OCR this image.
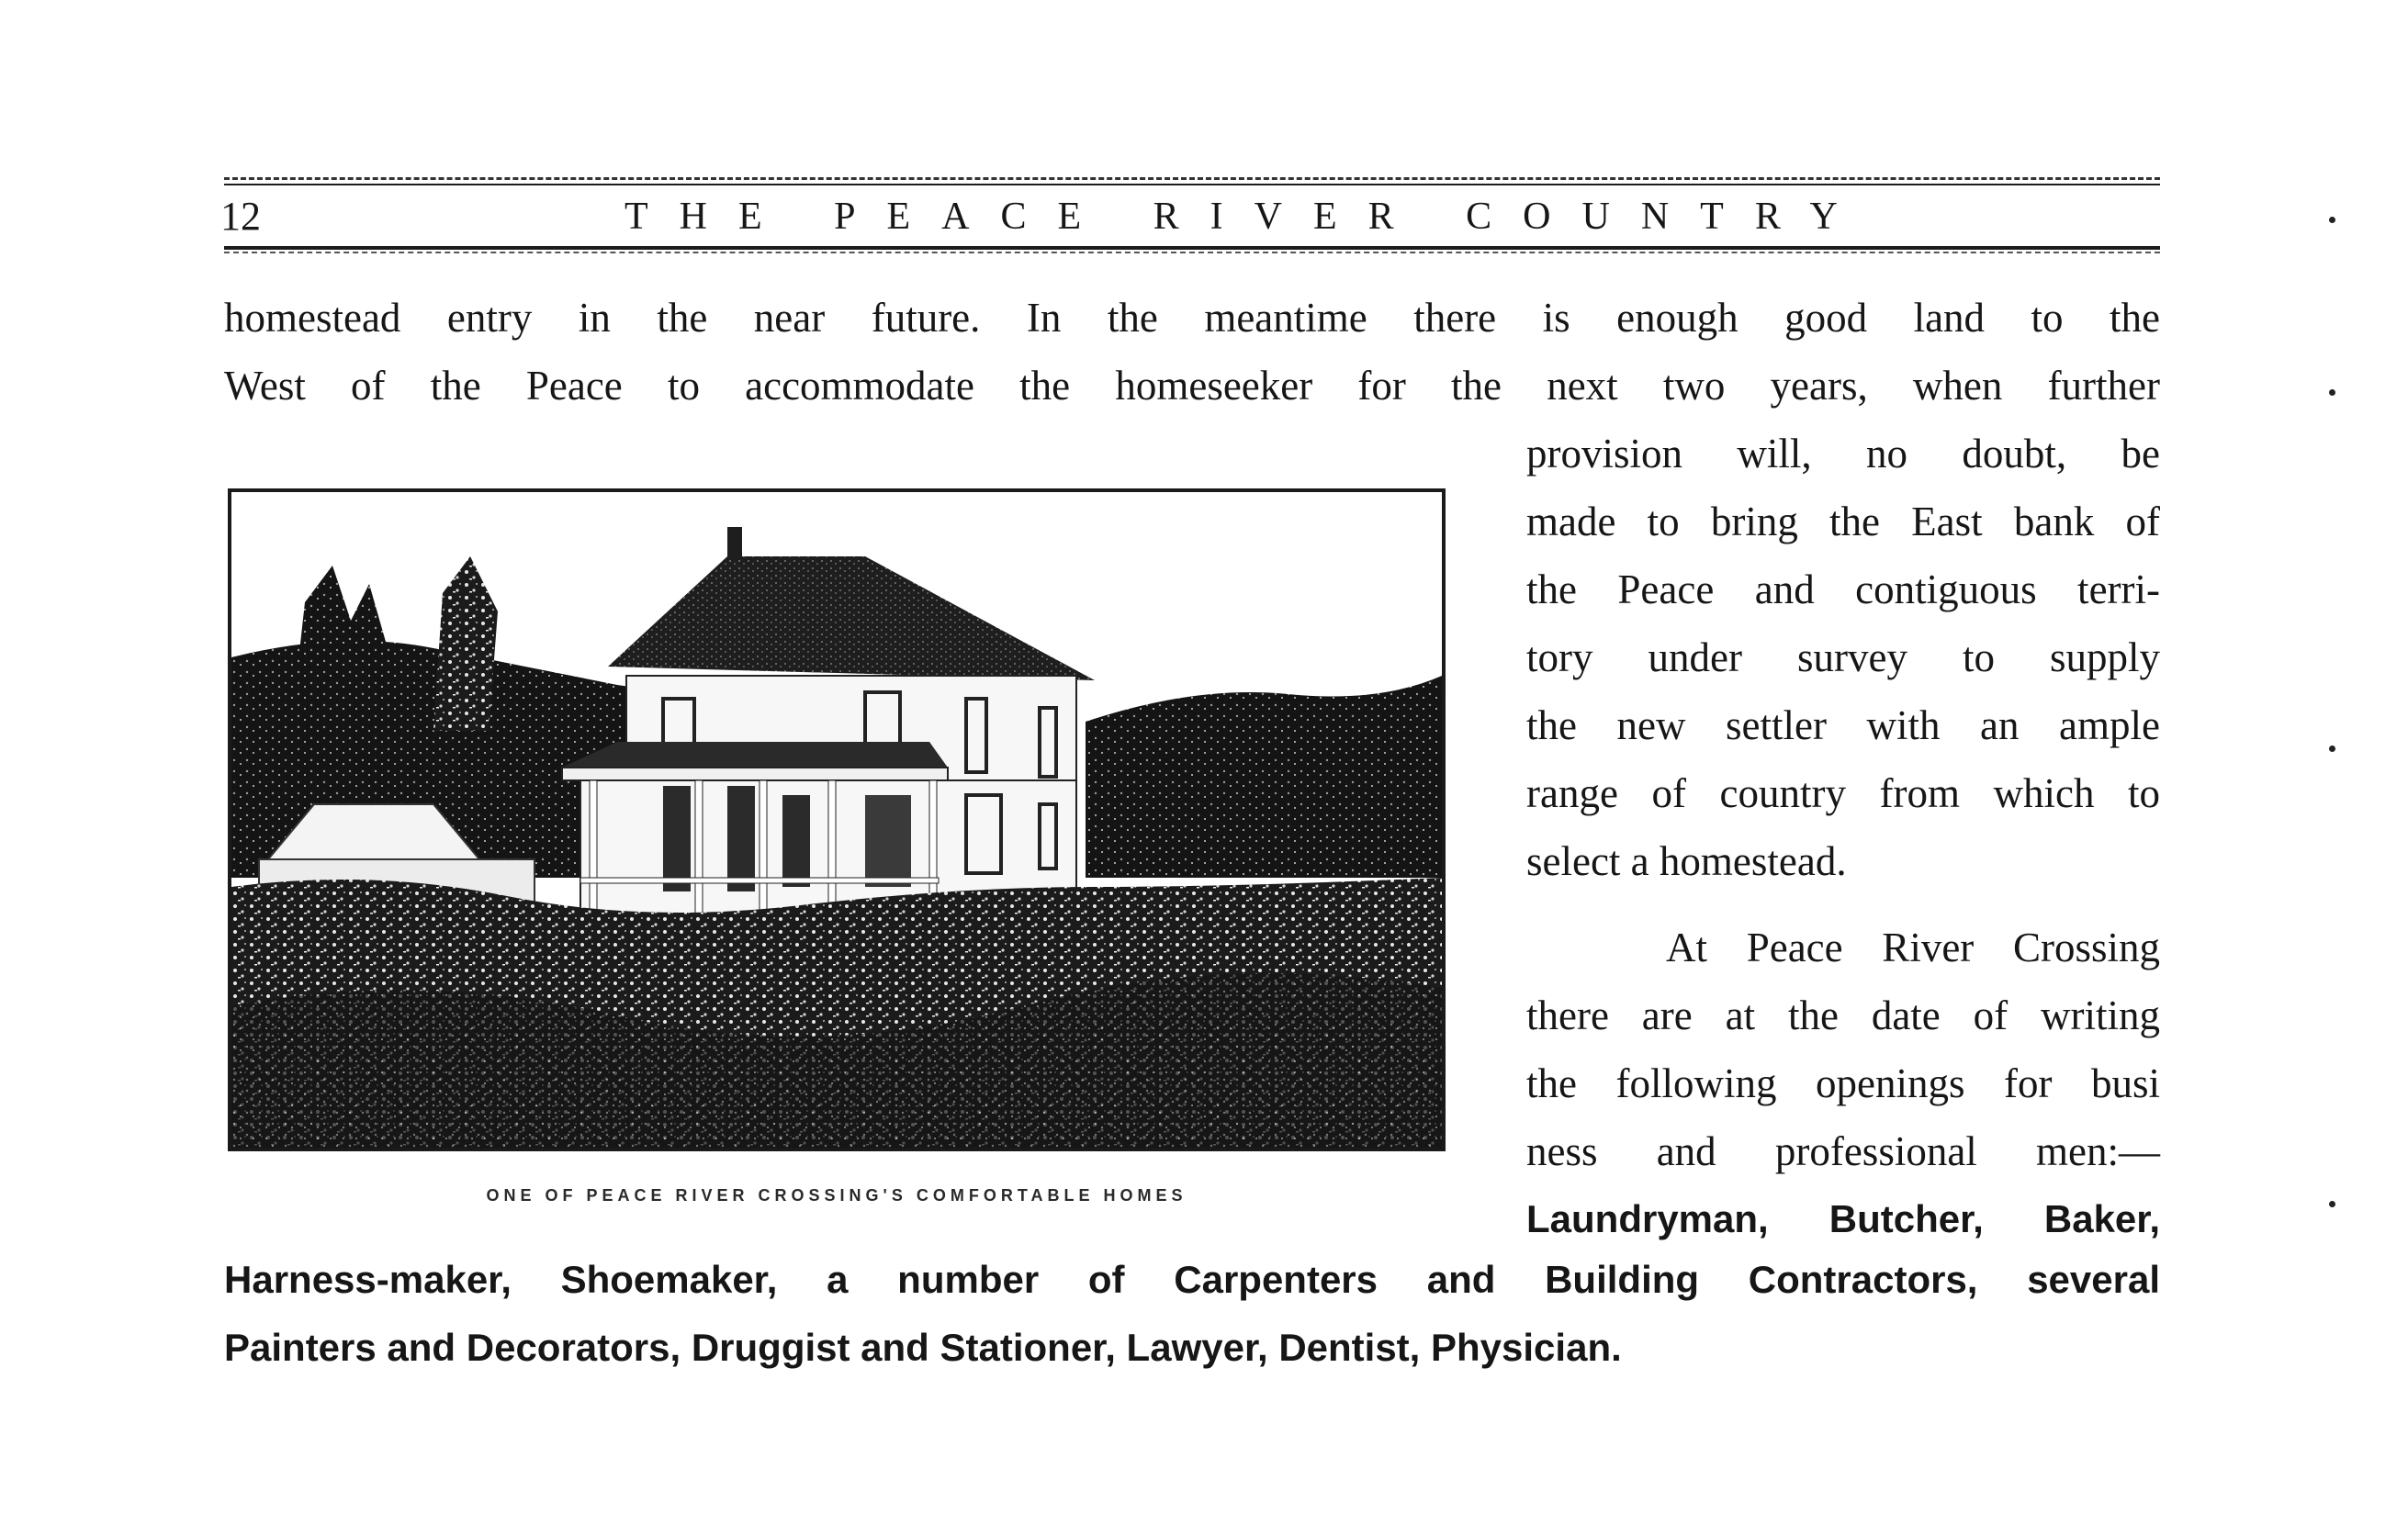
12	THE PEACE RIVER COUNTRY
homestead entry in the near future. In the meantime there is enough good land to the
West of the Peace to accommodate the homeseeker for the next two years, when further
provision will, no doubt, be
made to bring the East bank of
the Peace and contiguous terri-
tory under survey to supply
the new settler with an ample
range of country from which to
select a homestead.
At Peace River Crossing
there are at the date of writing
the following openings for busi
ness and professional men:—
Laundryman, Butcher, Baker,
Harness-maker, Shoemaker, a number of Carpenters and Building Contractors, several
Painters and Decorators, Druggist and Stationer, Lawyer, Dentist, Physician.
ONE OF PEACE RIVER CROSSING'S COMFORTABLE HOMES
